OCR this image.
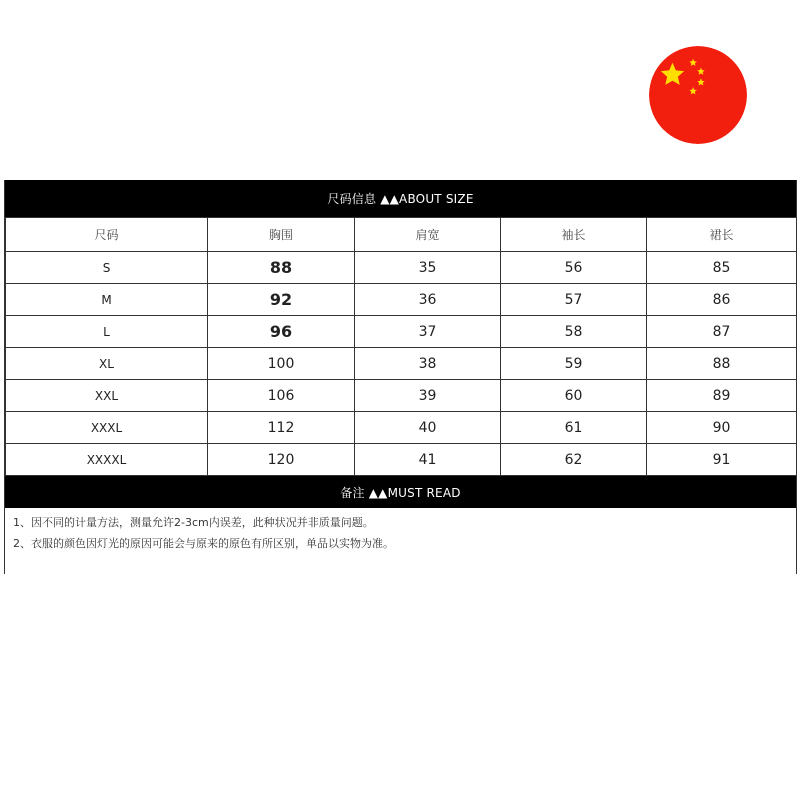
尺码信息 ▲▲ABOUT SIZE
尺码	胸围	肩宽	袖长	裙长
S	88	35	56	85
M	92	36	57	86
L	96	37	58	87
XL	100	38	59	88
XXL	106	39	60	89
XXXL	112	40	61	90
XXXXL	120	41	62	91
备注 ▲▲MUST READ
1、因不同的计量方法，测量允许2-3cm内误差，此种状况并非质量问题。
2、衣服的颜色因灯光的原因可能会与原来的原色有所区别，单品以实物为准。
